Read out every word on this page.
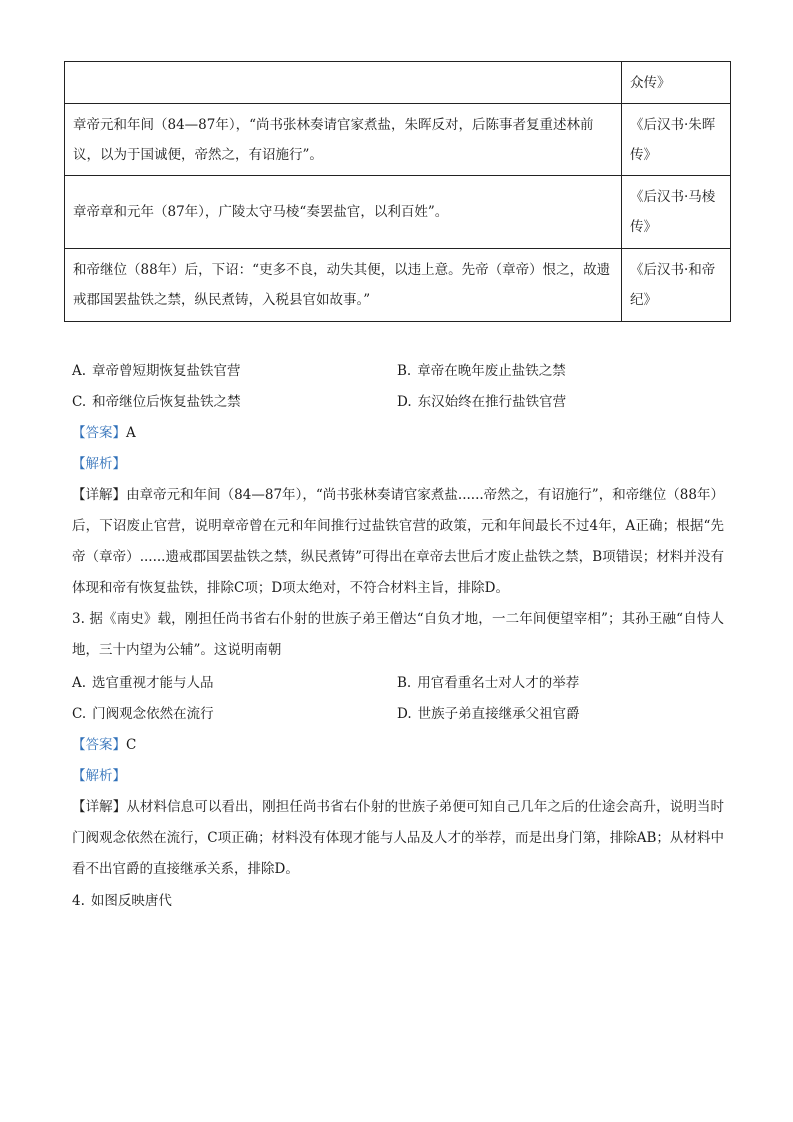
	众传》
章帝元和年间（84—87年），“尚书张林奏请官家煮盐，朱晖反对，后陈事者复重述林前议，以为于国诚便，帝然之，有诏施行”。	《后汉书·朱晖传》
章帝章和元年（87年），广陵太守马棱“奏罢盐官，以利百姓”。	《后汉书·马棱传》
和帝继位（88年）后，下诏：“吏多不良，动失其便，以违上意。先帝（章帝）恨之，故遗戒郡国罢盐铁之禁，纵民煮铸，入税县官如故事。”	《后汉书·和帝纪》
A. 章帝曾短期恢复盐铁官营	B. 章帝在晚年废止盐铁之禁
C. 和帝继位后恢复盐铁之禁	D. 东汉始终在推行盐铁官营
【答案】A
【解析】
【详解】由章帝元和年间（84—87年），“尚书张林奏请官家煮盐......帝然之，有诏施行”，和帝继位（88年）后，下诏废止官营，说明章帝曾在元和年间推行过盐铁官营的政策，元和年间最长不过4年，A正确；根据“先帝（章帝）......遗戒郡国罢盐铁之禁，纵民煮铸”可得出在章帝去世后才废止盐铁之禁，B项错误；材料并没有体现和帝有恢复盐铁，排除C项；D项太绝对，不符合材料主旨，排除D。
3. 据《南史》载，刚担任尚书省右仆射的世族子弟王僧达“自负才地，一二年间便望宰相”；其孙王融“自恃人地，三十内望为公辅”。这说明南朝
A. 选官重视才能与人品	B. 用官看重名士对人才的举荐
C. 门阀观念依然在流行	D. 世族子弟直接继承父祖官爵
【答案】C
【解析】
【详解】从材料信息可以看出，刚担任尚书省右仆射的世族子弟便可知自己几年之后的仕途会高升，说明当时门阀观念依然在流行，C项正确；材料没有体现才能与人品及人才的举荐，而是出身门第，排除AB；从材料中看不出官爵的直接继承关系，排除D。
4. 如图反映唐代
